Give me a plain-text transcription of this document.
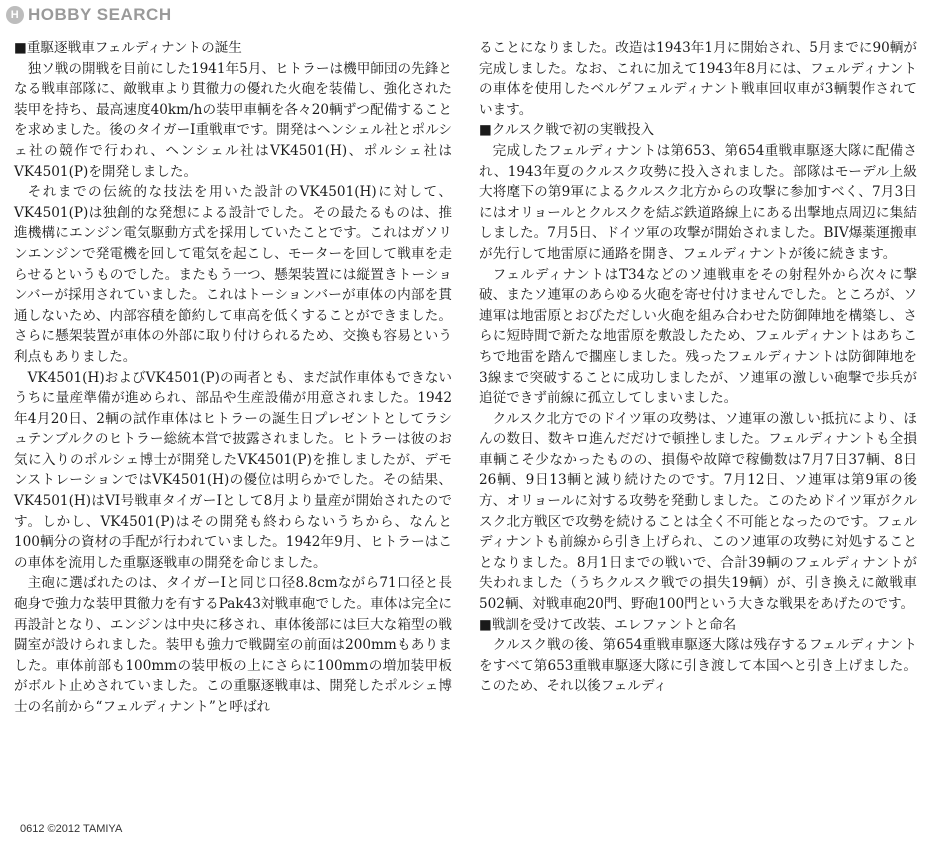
H HOBBY SEARCH
■ 重駆逐戦車フェルディナントの誕生

独ソ戦の開戦を目前にした1941年5月、ヒトラーは機甲師団の先鋒となる戦車部隊に、敵戦車より貫徹力の優れた火砲を装備し、強化された装甲を持ち、最高速度40km/hの装甲車輌を各々20輌ずつ配備することを求めました。後のタイガーI重戦車です。開発はヘンシェル社とポルシェ社の競作で行われ、ヘンシェル社はVK4501(H)、ポルシェ社はVK4501(P)を開発しました。

それまでの伝統的な技法を用いた設計のVK4501(H)に対して、VK4501(P)は独創的な発想による設計でした。その最たるものは、推進機構にエンジン電気駆動方式を採用していたことです。これはガソリンエンジンで発電機を回して電気を起こし、モーターを回して戦車を走らせるというものでした。またもう一つ、懸架装置には縦置きトーションバーが採用されていました。これはトーションバーが車体の内部を貫通しないため、内部容積を節約して車高を低くすることができました。さらに懸架装置が車体の外部に取り付けられるため、交換も容易という利点もありました。

VK4501(H)およびVK4501(P)の両者とも、まだ試作車体もできないうちに量産準備が進められ、部品や生産設備が用意されました。1942年4月20日、2輌の試作車体はヒトラーの誕生日プレゼントとしてラシュテンブルクのヒトラー総統本営で披露されました。ヒトラーは彼のお気に入りのポルシェ博士が開発したVK4501(P)を推しましたが、デモンストレーションではVK4501(H)の優位は明らかでした。その結果、VK4501(H)はVI号戦車タイガーIとして8月より量産が開始されたのです。しかし、VK4501(P)はその開発も終わらないうちから、なんと100輌分の資材の手配が行われていました。1942年9月、ヒトラーはこの車体を流用した重駆逐戦車の開発を命じました。

主砲に選ばれたのは、タイガーIと同じ口径8.8cmながら71口径と長砲身で強力な装甲貫徹力を有するPak43対戦車砲でした。車体は完全に再設計となり、エンジンは中央に移され、車体後部には巨大な箱型の戦闘室が設けられました。装甲も強力で戦闘室の前面は200mmもありました。車体前部も100mmの装甲板の上にさらに100mmの増加装甲板がボルト止めされていました。この重駆逐戦車は、開発したポルシェ博士の名前から“フェルディナント”と呼ばれ

ることになりました。改造は1943年1月に開始され、5月までに90輌が完成しました。なお、これに加えて1943年8月には、フェルディナントの車体を使用したベルゲフェルディナント戦車回収車が3輌製作されています。

■ クルスク戦で初の実戦投入

完成したフェルディナントは第653、第654重戦車駆逐大隊に配備され、1943年夏のクルスク攻勢に投入されました。部隊はモーデル上級大将麾下の第9軍によるクルスク北方からの攻撃に参加すべく、7月3日にはオリョールとクルスクを結ぶ鉄道路線上にある出撃地点周辺に集結しました。7月5日、ドイツ軍の攻撃が開始されました。BIV爆薬運搬車が先行して地雷原に通路を開き、フェルディナントが後に続きます。

フェルディナントはT34などのソ連戦車をその射程外から次々に撃破、またソ連軍のあらゆる火砲を寄せ付けませんでした。ところが、ソ連軍は地雷原とおびただしい火砲を組み合わせた防御陣地を構築し、さらに短時間で新たな地雷原を敷設したため、フェルディナントはあちこちで地雷を踏んで擱座しました。残ったフェルディナントは防御陣地を3線まで突破することに成功しましたが、ソ連軍の激しい砲撃で歩兵が追従できず前線に孤立してしまいました。

クルスク北方でのドイツ軍の攻勢は、ソ連軍の激しい抵抗により、ほんの数日、数キロ進んだだけで頓挫しました。フェルディナントも全損車輌こそ少なかったものの、損傷や故障で稼働数は7月7日37輌、8日26輌、9日13輌と減り続けたのです。7月12日、ソ連軍は第9軍の後方、オリョールに対する攻勢を発動しました。このためドイツ軍がクルスク北方戦区で攻勢を続けることは全く不可能となったのです。フェルディナントも前線から引き上げられ、このソ連軍の攻勢に対処することとなりました。8月1日までの戦いで、合計39輌のフェルディナントが失われました（うちクルスク戦での損失19輌）が、引き換えに敵戦車502輌、対戦車砲20門、野砲100門という大きな戦果をあげたのです。

■ 戦訓を受けて改装、エレファントと命名

クルスク戦の後、第654重戦車駆逐大隊は残存するフェルディナントをすべて第653重戦車駆逐大隊に引き渡して本国へと引き上げました。このため、それ以後フェルディ

0612 ©2012 TAMIYA
